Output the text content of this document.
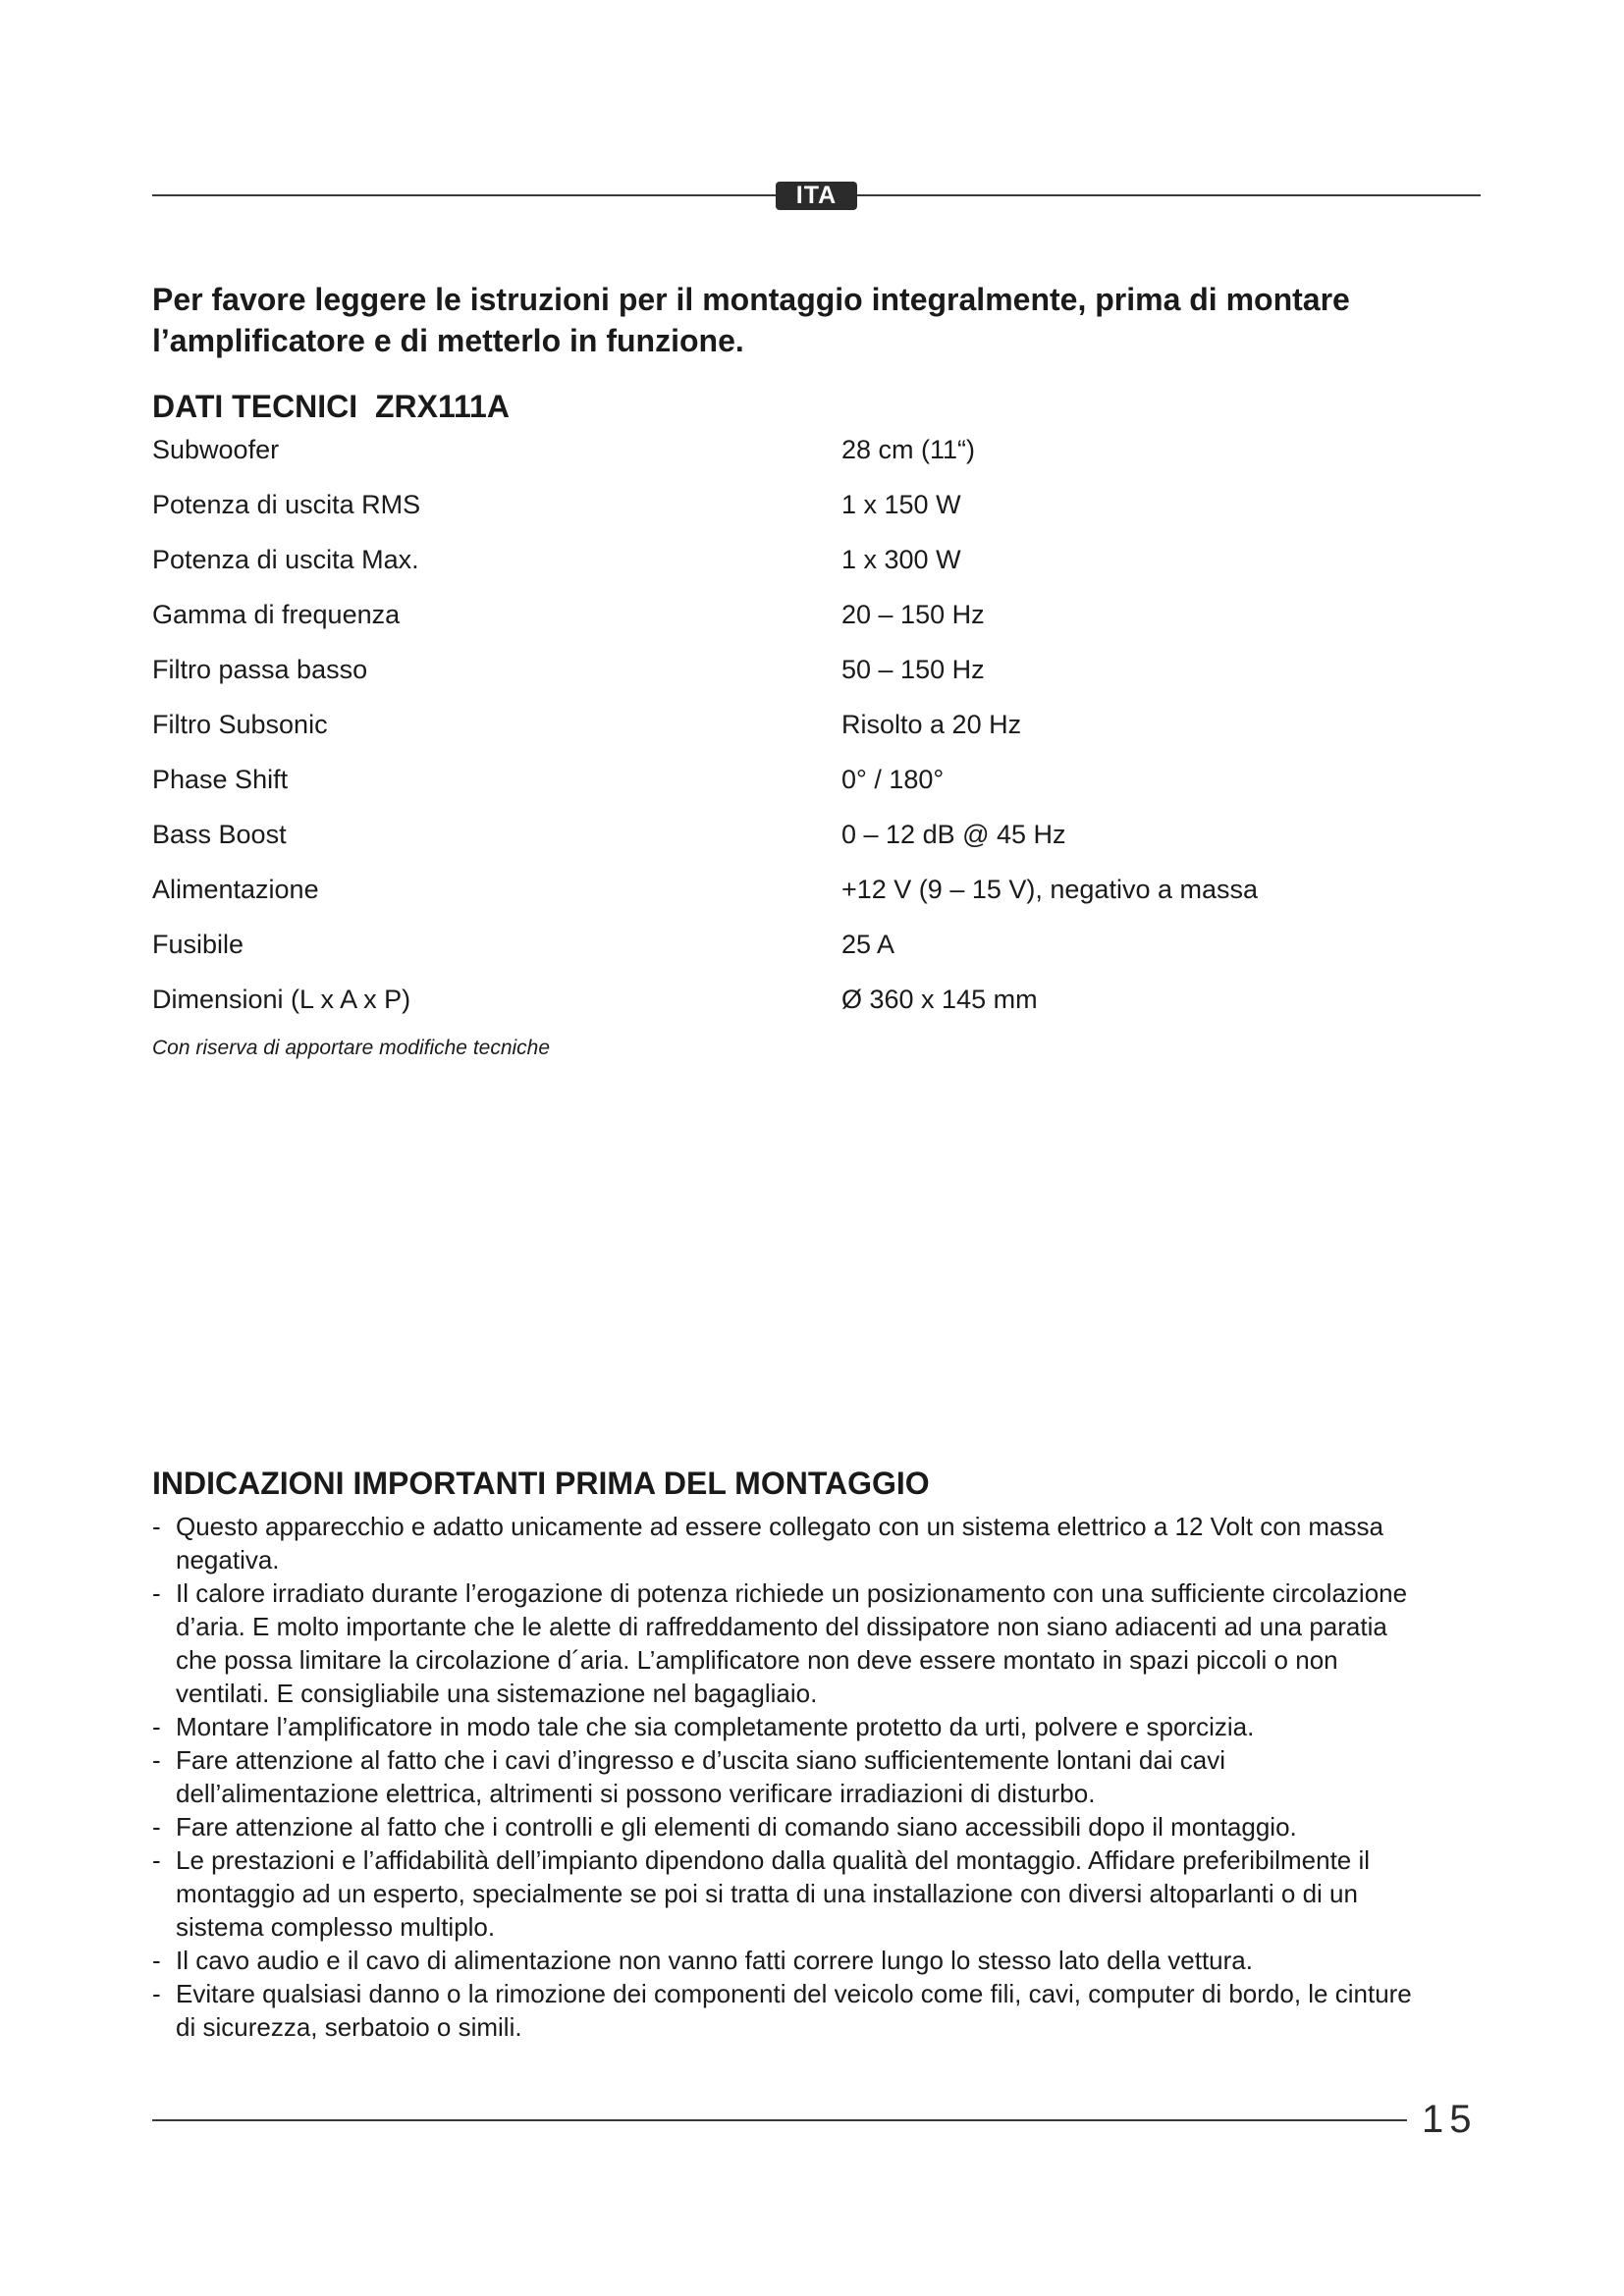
ITA

Per favore leggere le istruzioni per il montaggio integralmente, prima di montare l’amplificatore e di metterlo in funzione.

DATI TECNICI  ZRX111A
Subwoofer	28 cm (11“)
Potenza di uscita RMS	1 x 150 W
Potenza di uscita Max.	1 x 300 W
Gamma di frequenza	20 – 150 Hz
Filtro passa basso	50 – 150 Hz
Filtro Subsonic	Risolto a 20 Hz
Phase Shift	0° / 180°
Bass Boost	0 – 12 dB @ 45 Hz
Alimentazione	+12 V (9 – 15 V), negativo a massa
Fusibile	25 A
Dimensioni (L x A x P)	Ø 360 x 145 mm
Con riserva di apportare modifiche tecniche
INDICAZIONI IMPORTANTI PRIMA DEL MONTAGGIO
- Questo apparecchio e adatto unicamente ad essere collegato con un sistema elettrico a 12 Volt con massa negativa.
- Il calore irradiato durante l’erogazione di potenza richiede un posizionamento con una sufficiente circolazione d’aria. E molto importante che le alette di raffreddamento del dissipatore non siano adiacenti ad una paratia che possa limitare la circolazione d´aria. L’amplificatore non deve essere montato in spazi piccoli o non ventilati. E consigliabile una sistemazione nel bagagliaio.
- Montare l’amplificatore in modo tale che sia completamente protetto da urti, polvere e sporcizia.
- Fare attenzione al fatto che i cavi d’ingresso e d’uscita siano sufficientemente lontani dai cavi dell’alimentazione elettrica, altrimenti si possono verificare irradiazioni di disturbo.
- Fare attenzione al fatto che i controlli e gli elementi di comando siano accessibili dopo il montaggio.
- Le prestazioni e l’affidabilità dell’impianto dipendono dalla qualità del montaggio. Affidare preferibilmente il montaggio ad un esperto, specialmente se poi si tratta di una installazione con diversi altoparlanti o di un sistema complesso multiplo.
- Il cavo audio e il cavo di alimentazione non vanno fatti correre lungo lo stesso lato della vettura.
- Evitare qualsiasi danno o la rimozione dei componenti del veicolo come fili, cavi, computer di bordo, le cinture di sicurezza, serbatoio o simili.
15
